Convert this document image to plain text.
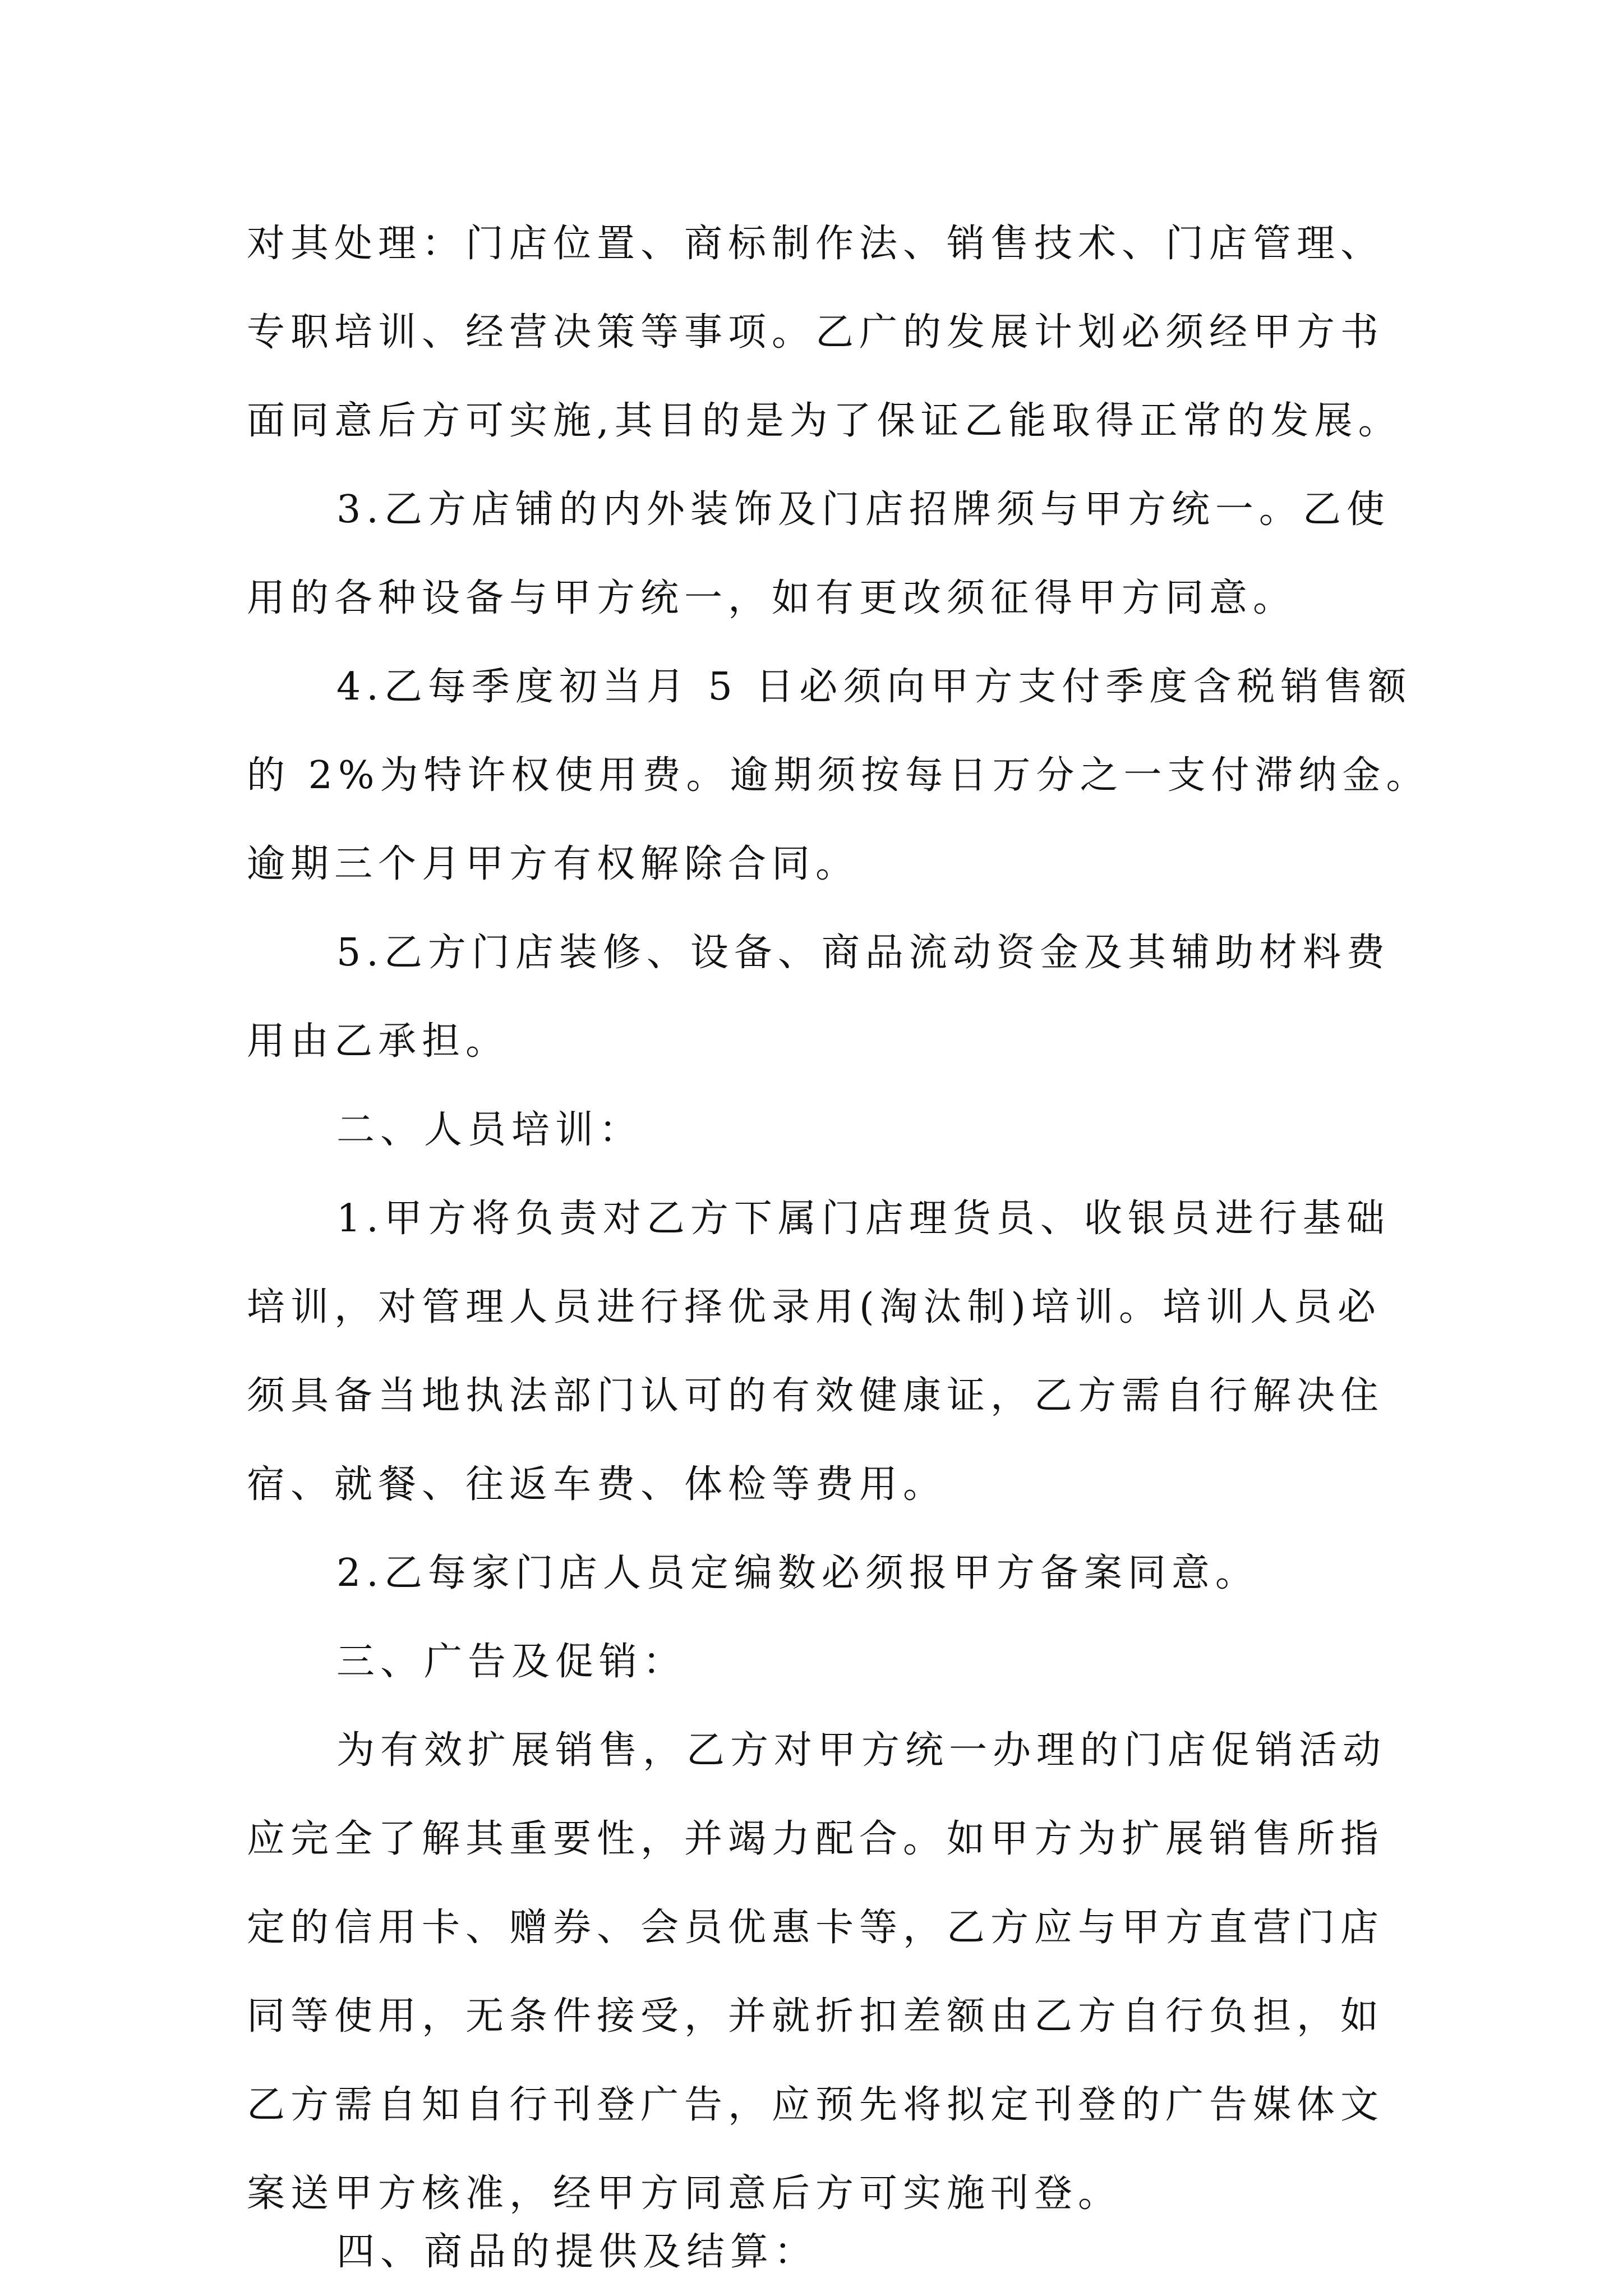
对其处理：门店位置、商标制作法、销售技术、门店管理、
专职培训、经营决策等事项。乙广的发展计划必须经甲方书
面同意后方可实施,其目的是为了保证乙能取得正常的发展。
3.乙方店铺的内外装饰及门店招牌须与甲方统一。乙使
用的各种设备与甲方统一，如有更改须征得甲方同意。
4.乙每季度初当月 5 日必须向甲方支付季度含税销售额
的 2%为特许权使用费。逾期须按每日万分之一支付滞纳金。
逾期三个月甲方有权解除合同。
5.乙方门店装修、设备、商品流动资金及其辅助材料费
用由乙承担。
二、人员培训：
1.甲方将负责对乙方下属门店理货员、收银员进行基础
培训，对管理人员进行择优录用(淘汰制)培训。培训人员必
须具备当地执法部门认可的有效健康证，乙方需自行解决住
宿、就餐、往返车费、体检等费用。
2.乙每家门店人员定编数必须报甲方备案同意。
三、广告及促销：
为有效扩展销售，乙方对甲方统一办理的门店促销活动
应完全了解其重要性，并竭力配合。如甲方为扩展销售所指
定的信用卡、赠券、会员优惠卡等，乙方应与甲方直营门店
同等使用，无条件接受，并就折扣差额由乙方自行负担，如
乙方需自知自行刊登广告，应预先将拟定刊登的广告媒体文
案送甲方核准，经甲方同意后方可实施刊登。
四、商品的提供及结算：
